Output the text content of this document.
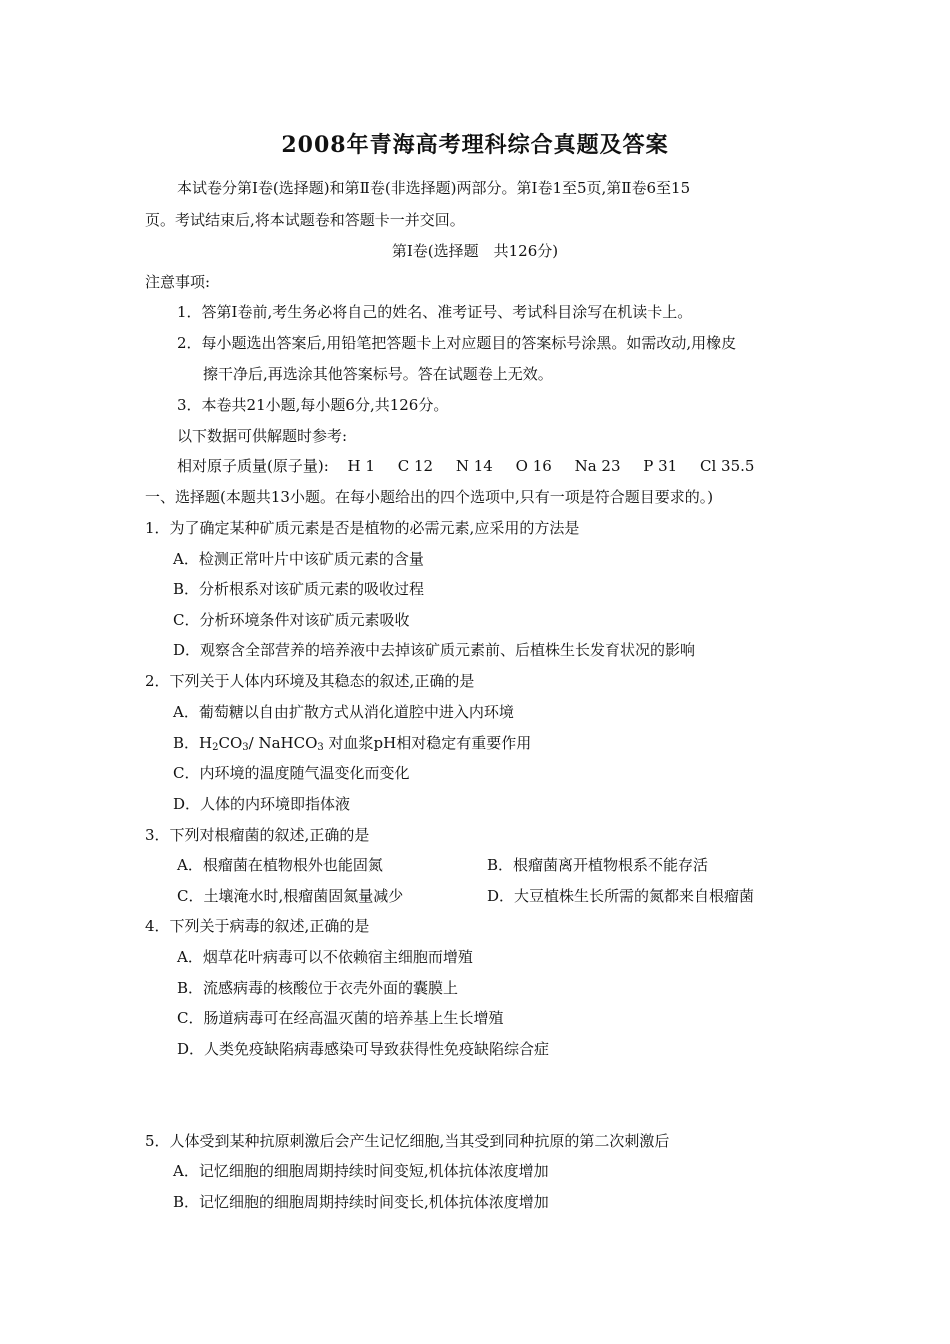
2008年青海高考理科综合真题及答案
本试卷分第Ⅰ卷(选择题)和第Ⅱ卷(非选择题)两部分。第Ⅰ卷1至5页,第Ⅱ卷6至15
页。考试结束后,将本试题卷和答题卡一并交回。
第Ⅰ卷(选择题　共126分)
注意事项:
1．答第Ⅰ卷前,考生务必将自己的姓名、准考证号、考试科目涂写在机读卡上。
2．每小题选出答案后,用铅笔把答题卡上对应题目的答案标号涂黑。如需改动,用橡皮
擦干净后,再选涂其他答案标号。答在试题卷上无效。
3．本卷共21小题,每小题6分,共126分。
以下数据可供解题时参考:
相对原子质量(原子量): H 1 C 12 N 14 O 16 Na 23 P 31 Cl 35.5
一、选择题(本题共13小题。在每小题给出的四个选项中,只有一项是符合题目要求的。)
1．为了确定某种矿质元素是否是植物的必需元素,应采用的方法是
A．检测正常叶片中该矿质元素的含量
B．分析根系对该矿质元素的吸收过程
C．分析环境条件对该矿质元素吸收
D．观察含全部营养的培养液中去掉该矿质元素前、后植株生长发育状况的影响
2．下列关于人体内环境及其稳态的叙述,正确的是
A．葡萄糖以自由扩散方式从消化道腔中进入内环境
B．$H_2CO_3/$ NaHCO$_3$ 对血浆pH相对稳定有重要作用
C．内环境的温度随气温变化而变化
D．人体的内环境即指体液
3．下列对根瘤菌的叙述,正确的是
A．根瘤菌在植物根外也能固氮	B．根瘤菌离开植物根系不能存活
C．土壤淹水时,根瘤菌固氮量减少	D．大豆植株生长所需的氮都来自根瘤菌
4．下列关于病毒的叙述,正确的是
A．烟草花叶病毒可以不依赖宿主细胞而增殖
B．流感病毒的核酸位于衣壳外面的囊膜上
C．肠道病毒可在经高温灭菌的培养基上生长增殖
D．人类免疫缺陷病毒感染可导致获得性免疫缺陷综合症
5．人体受到某种抗原刺激后会产生记忆细胞,当其受到同种抗原的第二次刺激后
A．记忆细胞的细胞周期持续时间变短,机体抗体浓度增加
B．记忆细胞的细胞周期持续时间变长,机体抗体浓度增加
